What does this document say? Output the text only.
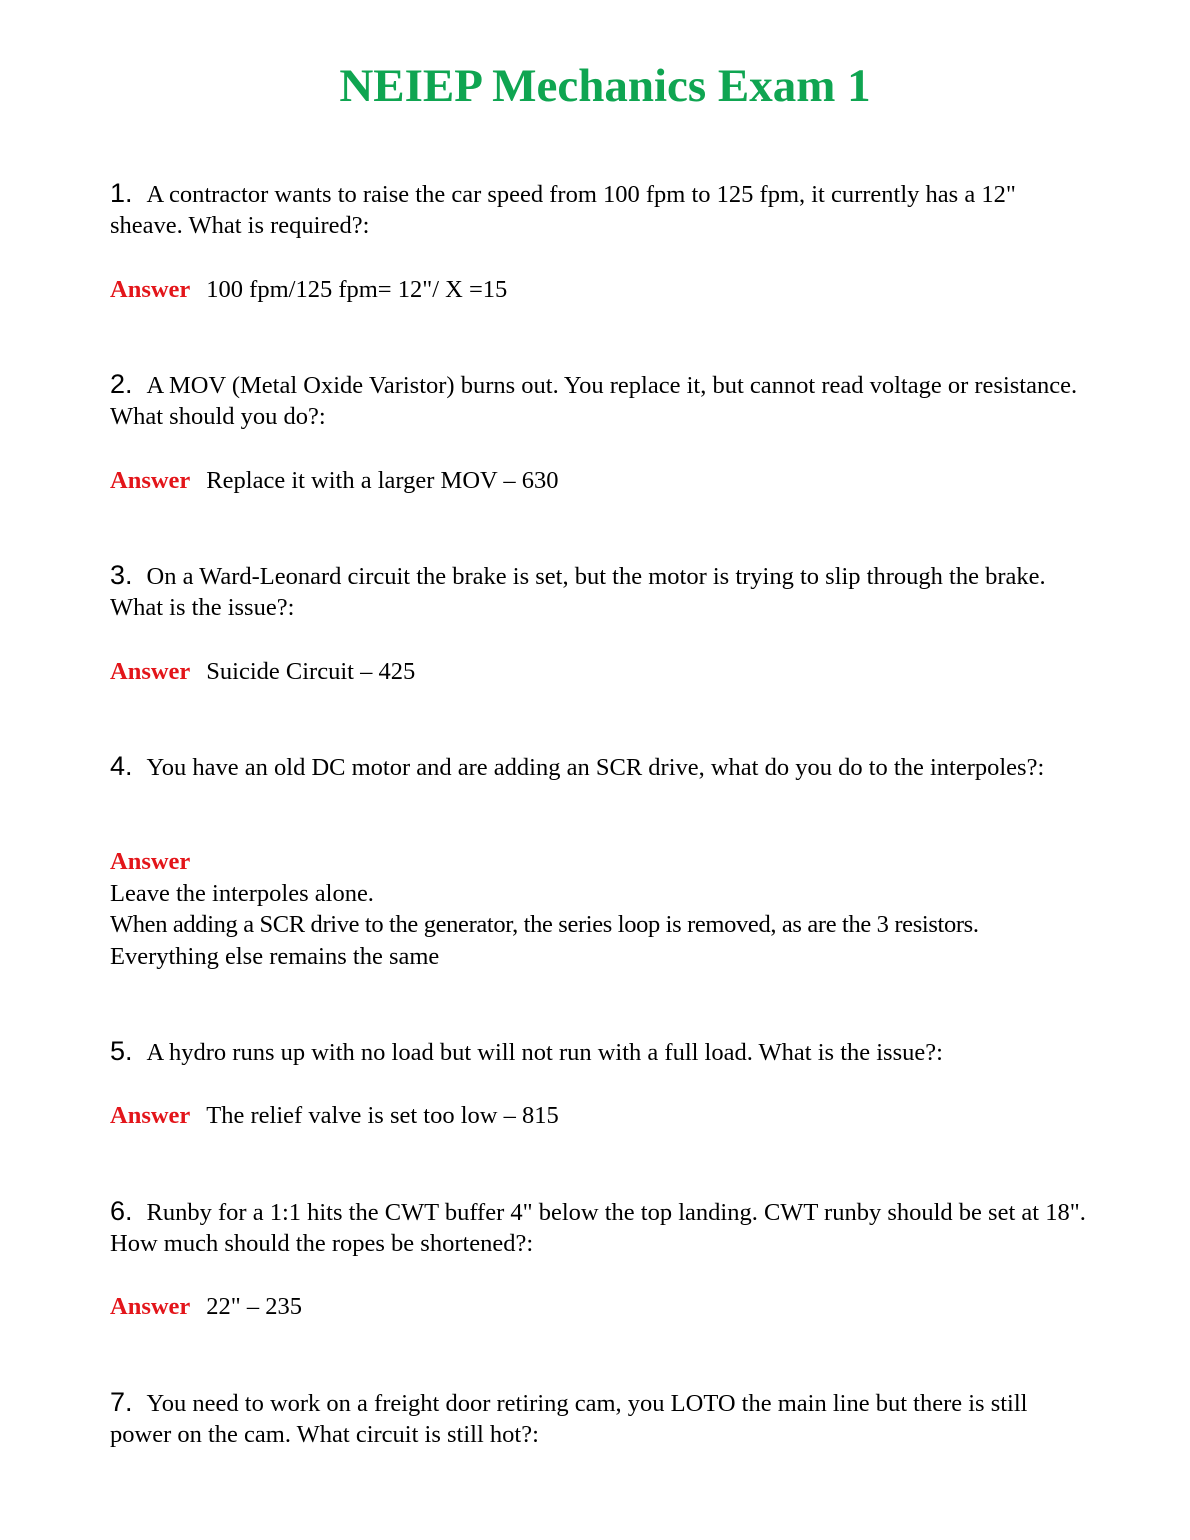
NEIEP Mechanics Exam 1
1. A contractor wants to raise the car speed from 100 fpm to 125 fpm, it currently has a 12" sheave. What is required?:
Answer 100 fpm/125 fpm= 12"/ X =15
2. A MOV (Metal Oxide Varistor) burns out. You replace it, but cannot read voltage or resistance. What should you do?:
Answer Replace it with a larger MOV – 630
3. On a Ward-Leonard circuit the brake is set, but the motor is trying to slip through the brake. What is the issue?:
Answer Suicide Circuit – 425
4. You have an old DC motor and are adding an SCR drive, what do you do to the interpoles?:
Answer
Leave the interpoles alone.
When adding a SCR drive to the generator, the series loop is removed, as are the 3 resistors.
Everything else remains the same
5. A hydro runs up with no load but will not run with a full load. What is the issue?:
Answer The relief valve is set too low – 815
6. Runby for a 1:1 hits the CWT buffer 4" below the top landing. CWT runby should be set at 18". How much should the ropes be shortened?:
Answer 22" – 235
7. You need to work on a freight door retiring cam, you LOTO the main line but there is still power on the cam. What circuit is still hot?:
